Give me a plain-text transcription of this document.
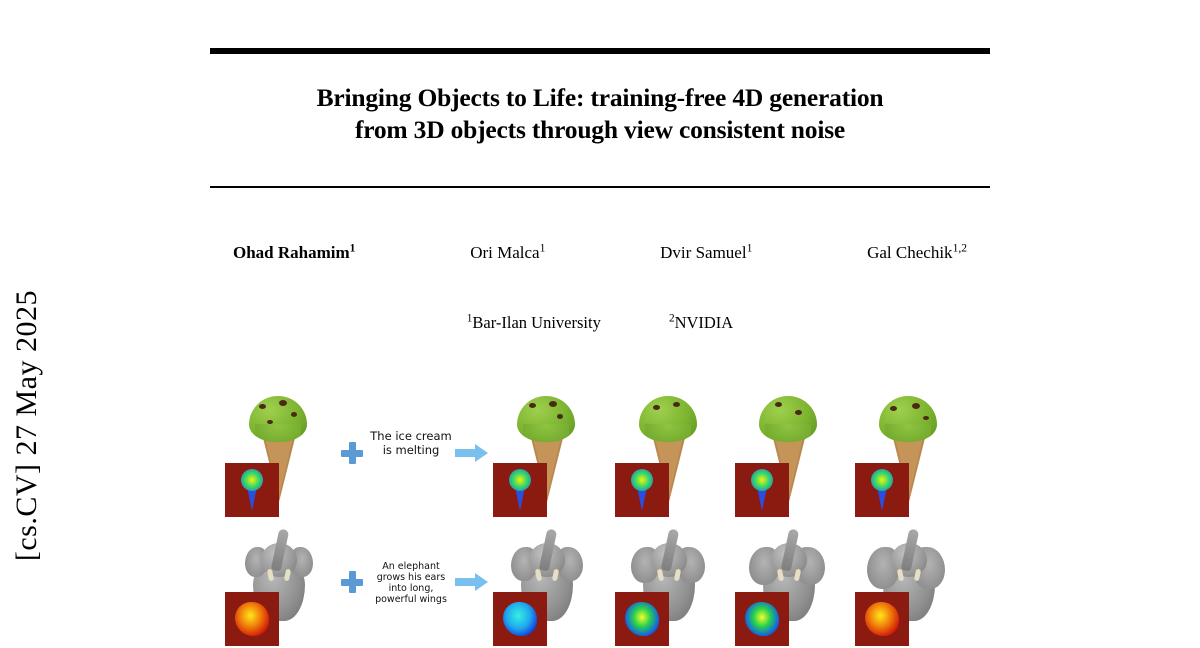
[cs.CV] 27 May 2025
Bringing Objects to Life: training-free 4D generation
from 3D objects through view consistent noise
Ohad Rahamim$^1$	Ori Malca$^1$	Dvir Samuel$^1$	Gal Chechik$^{1,2}$
$^1$Bar-Ilan University	$^2$NVIDIA
The ice cream is melting
An elephant grows his ears into long, powerful wings
